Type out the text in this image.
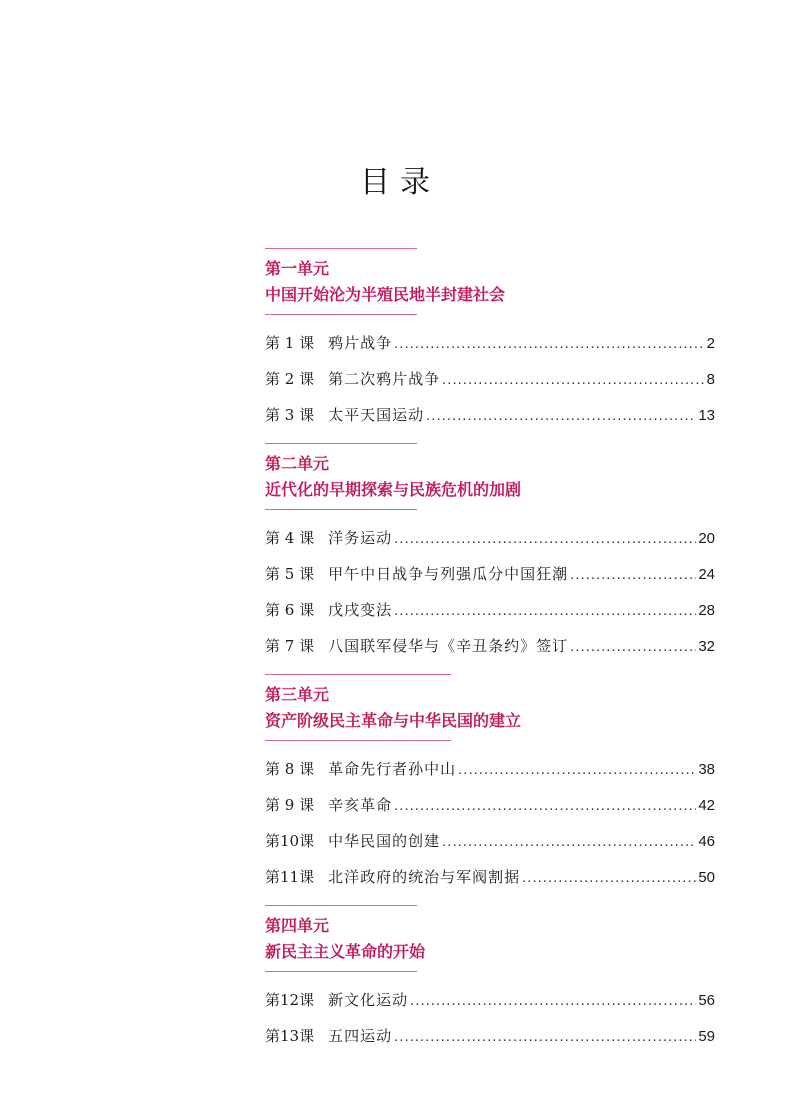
目录
第一单元
中国开始沦为半殖民地半封建社会
第 1 课 鸦片战争 .....	2
第 2 课 第二次鸦片战争 .....	8
第 3 课 太平天国运动 .....	13
第二单元
近代化的早期探索与民族危机的加剧
第 4 课 洋务运动 .....	20
第 5 课 甲午中日战争与列强瓜分中国狂潮 .....	24
第 6 课 戊戌变法 .....	28
第 7 课 八国联军侵华与《辛丑条约》签订 .....	32
第三单元
资产阶级民主革命与中华民国的建立
第 8 课 革命先行者孙中山 .....	38
第 9 课 辛亥革命 .....	42
第10课 中华民国的创建 .....	46
第11课 北洋政府的统治与军阀割据 .....	50
第四单元
新民主主义革命的开始
第12课 新文化运动 .....	56
第13课 五四运动 .....	59
